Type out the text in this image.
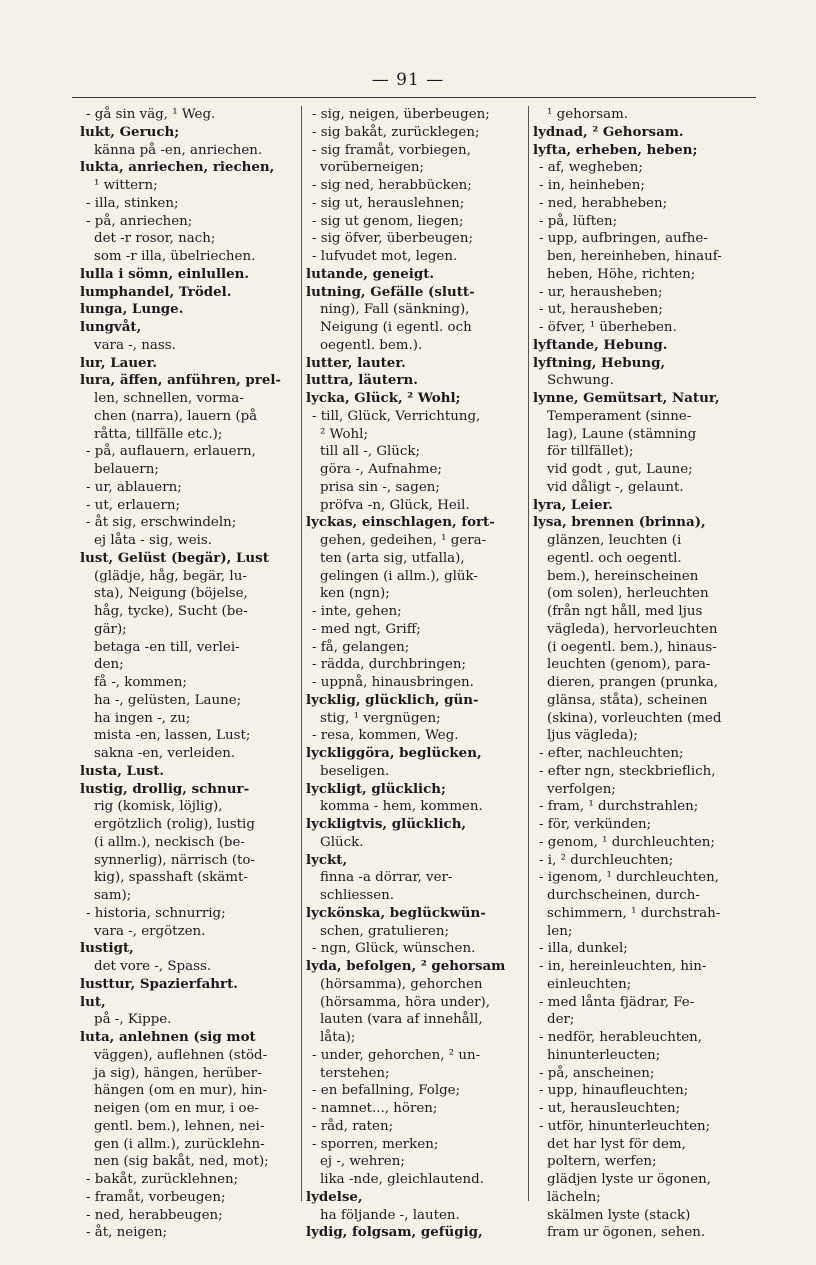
— 91 —
- gå sin väg, ¹ Weg.
lukt, Geruch;
känna på -en, anriechen.
lukta, anriechen, riechen,
¹ wittern;
- illa, stinken;
- på, anriechen;
det -r rosor, nach;
som -r illa, übelriechen.
lulla i sömn, einlullen.
lumphandel, Trödel.
lunga, Lunge.
lungvåt,
vara -, nass.
lur, Lauer.
lura, äffen, anführen, prel-
len, schnellen, vorma-
chen (narra), lauern (på
råtta, tillfälle etc.);
- på, auflauern, erlauern,
belauern;
- ur, ablauern;
- ut, erlauern;
- åt sig, erschwindeln;
ej låta - sig, weis.
lust, Gelüst (begär), Lust
(glädje, håg, begär, lu-
sta), Neigung (böjelse,
håg, tycke), Sucht (be-
gär);
betaga -en till, verlei-
den;
få -, kommen;
ha -, gelüsten, Laune;
ha ingen -, zu;
mista -en, lassen, Lust;
sakna -en, verleiden.
lusta, Lust.
lustig, drollig, schnur-
rig (komisk, löjlig),
ergötzlich (rolig), lustig
(i allm.), neckisch (be-
synnerlig), närrisch (to-
kig), spasshaft (skämt-
sam);
- historia, schnurrig;
vara -, ergötzen.
lustigt,
det vore -, Spass.
lusttur, Spazierfahrt.
lut,
på -, Kippe.
luta, anlehnen (sig mot
väggen), auflehnen (stöd-
ja sig), hängen, herüber-
hängen (om en mur), hin-
neigen (om en mur, i oe-
gentl. bem.), lehnen, nei-
gen (i allm.), zurücklehn-
nen (sig bakåt, ned, mot);
- bakåt, zurücklehnen;
- framåt, vorbeugen;
- ned, herabbeugen;
- åt, neigen;
- sig, neigen, überbeugen;
- sig bakåt, zurücklegen;
- sig framåt, vorbiegen,
vorüberneigen;
- sig ned, herabbücken;
- sig ut, herauslehnen;
- sig ut genom, liegen;
- sig öfver, überbeugen;
- lufvudet mot, legen.
lutande, geneigt.
lutning, Gefälle (slutt-
ning), Fall (sänkning),
Neigung (i egentl. och
oegentl. bem.).
lutter, lauter.
luttra, läutern.
lycka, Glück, ² Wohl;
- till, Glück, Verrichtung,
² Wohl;
till all -, Glück;
göra -, Aufnahme;
prisa sin -, sagen;
pröfva -n, Glück, Heil.
lyckas, einschlagen, fort-
gehen, gedeihen, ¹ gera-
ten (arta sig, utfalla),
gelingen (i allm.), glük-
ken (ngn);
- inte, gehen;
- med ngt, Griff;
- få, gelangen;
- rädda, durchbringen;
- uppnå, hinausbringen.
lycklig, glücklich, gün-
stig, ¹ vergnügen;
- resa, kommen, Weg.
lyckliggöra, beglücken,
beseligen.
lyckligt, glücklich;
komma - hem, kommen.
lyckligtvis, glücklich,
Glück.
lyckt,
finna -a dörrar, ver-
schliessen.
lyckönska, beglückwün-
schen, gratulieren;
- ngn, Glück, wünschen.
lyda, befolgen, ² gehorsam
(hörsamma), gehorchen
(hörsamma, höra under),
lauten (vara af innehåll,
låta);
- under, gehorchen, ² un-
terstehen;
- en befallning, Folge;
- namnet..., hören;
- råd, raten;
- sporren, merken;
ej -, wehren;
lika -nde, gleichlautend.
lydelse,
ha följande -, lauten.
lydig, folgsam, gefügig,
¹ gehorsam.
lydnad, ² Gehorsam.
lyfta, erheben, heben;
- af, wegheben;
- in, heinheben;
- ned, herabheben;
- på, lüften;
- upp, aufbringen, aufhe-
ben, hereinheben, hinauf-
heben, Höhe, richten;
- ur, herausheben;
- ut, herausheben;
- öfver, ¹ überheben.
lyftande, Hebung.
lyftning, Hebung,
Schwung.
lynne, Gemütsart, Natur,
Temperament (sinne-
lag), Laune (stämning
för tillfället);
vid godt , gut, Laune;
vid dåligt -, gelaunt.
lyra, Leier.
lysa, brennen (brinna),
glänzen, leuchten (i
egentl. och oegentl.
bem.), hereinscheinen
(om solen), herleuchten
(från ngt håll, med ljus
vägleda), hervorleuchten
(i oegentl. bem.), hinaus-
leuchten (genom), para-
dieren, prangen (prunka,
glänsa, ståta), scheinen
(skina), vorleuchten (med
ljus vägleda);
- efter, nachleuchten;
- efter ngn, steckbrieflich,
verfolgen;
- fram, ¹ durchstrahlen;
- för, verkünden;
- genom, ¹ durchleuchten;
- i, ² durchleuchten;
- igenom, ¹ durchleuchten,
durchscheinen, durch-
schimmern, ¹ durchstrah-
len;
- illa, dunkel;
- in, hereinleuchten, hin-
einleuchten;
- med lånta fjädrar, Fe-
der;
- nedför, herableuchten,
hinunterleucten;
- på, anscheinen;
- upp, hinaufleuchten;
- ut, herausleuchten;
- utför, hinunterleuchten;
det har lyst för dem,
poltern, werfen;
glädjen lyste ur ögonen,
lächeln;
skälmen lyste (stack)
fram ur ögonen, sehen.
